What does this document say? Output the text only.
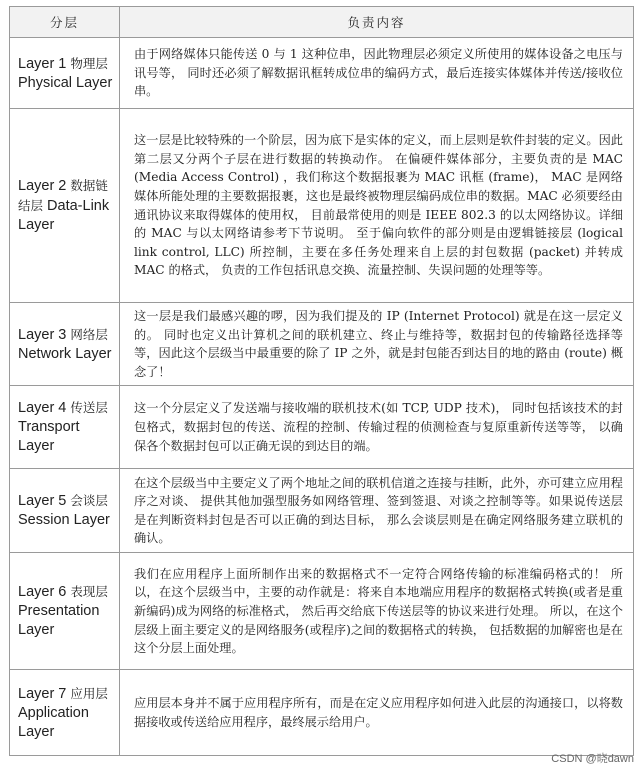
分层	负责内容
Layer 1 物理层 Physical Layer	由于网络媒体只能传送 0 与 1 这种位串，因此物理层必须定义所使用的媒体设备之电压与讯号等， 同时还必须了解数据讯框转成位串的编码方式，最后连接实体媒体并传送/接收位串。
Layer 2 数据链结层 Data-Link Layer	这一层是比较特殊的一个阶层，因为底下是实体的定义，而上层则是软件封装的定义。因此第二层又分两个子层在进行数据的转换动作。 在偏硬件媒体部分，主要负责的是 MAC (Media Access Control) ，我们称这个数据报裹为 MAC 讯框 (frame)， MAC 是网络媒体所能处理的主要数据报裹，这也是最终被物理层编码成位串的数据。MAC 必须要经由通讯协议来取得媒体的使用权， 目前最常使用的则是 IEEE 802.3 的以太网络协议。详细的 MAC 与以太网络请参考下节说明。 至于偏向软件的部分则是由逻辑链接层 (logical link control, LLC) 所控制，主要在多任务处理来自上层的封包数据 (packet) 并转成 MAC 的格式， 负责的工作包括讯息交换、流量控制、失误问题的处理等等。
Layer 3 网络层 Network Layer	这一层是我们最感兴趣的啰，因为我们提及的 IP (Internet Protocol) 就是在这一层定义的。 同时也定义出计算机之间的联机建立、终止与维持等，数据封包的传输路径选择等等，因此这个层级当中最重要的除了 IP 之外，就是封包能否到达目的地的路由 (route) 概念了！
Layer 4 传送层 Transport Layer	这一个分层定义了发送端与接收端的联机技术(如 TCP, UDP 技术)， 同时包括该技术的封包格式，数据封包的传送、流程的控制、传输过程的侦测检查与复原重新传送等等， 以确保各个数据封包可以正确无误的到达目的端。
Layer 5 会谈层 Session Layer	在这个层级当中主要定义了两个地址之间的联机信道之连接与挂断，此外，亦可建立应用程序之对谈、 提供其他加强型服务如网络管理、签到签退、对谈之控制等等。如果说传送层是在判断资料封包是否可以正确的到达目标， 那么会谈层则是在确定网络服务建立联机的确认。
Layer 6 表现层 Presentation Layer	我们在应用程序上面所制作出来的数据格式不一定符合网络传输的标准编码格式的！ 所以，在这个层级当中，主要的动作就是：将来自本地端应用程序的数据格式转换(或者是重新编码)成为网络的标准格式， 然后再交给底下传送层等的协议来进行处理。 所以，在这个层级上面主要定义的是网络服务(或程序)之间的数据格式的转换， 包括数据的加解密也是在这个分层上面处理。
Layer 7 应用层 Application Layer	应用层本身并不属于应用程序所有，而是在定义应用程序如何进入此层的沟通接口，以将数据接收或传送给应用程序，最终展示给用户。
CSDN @晓dawn
